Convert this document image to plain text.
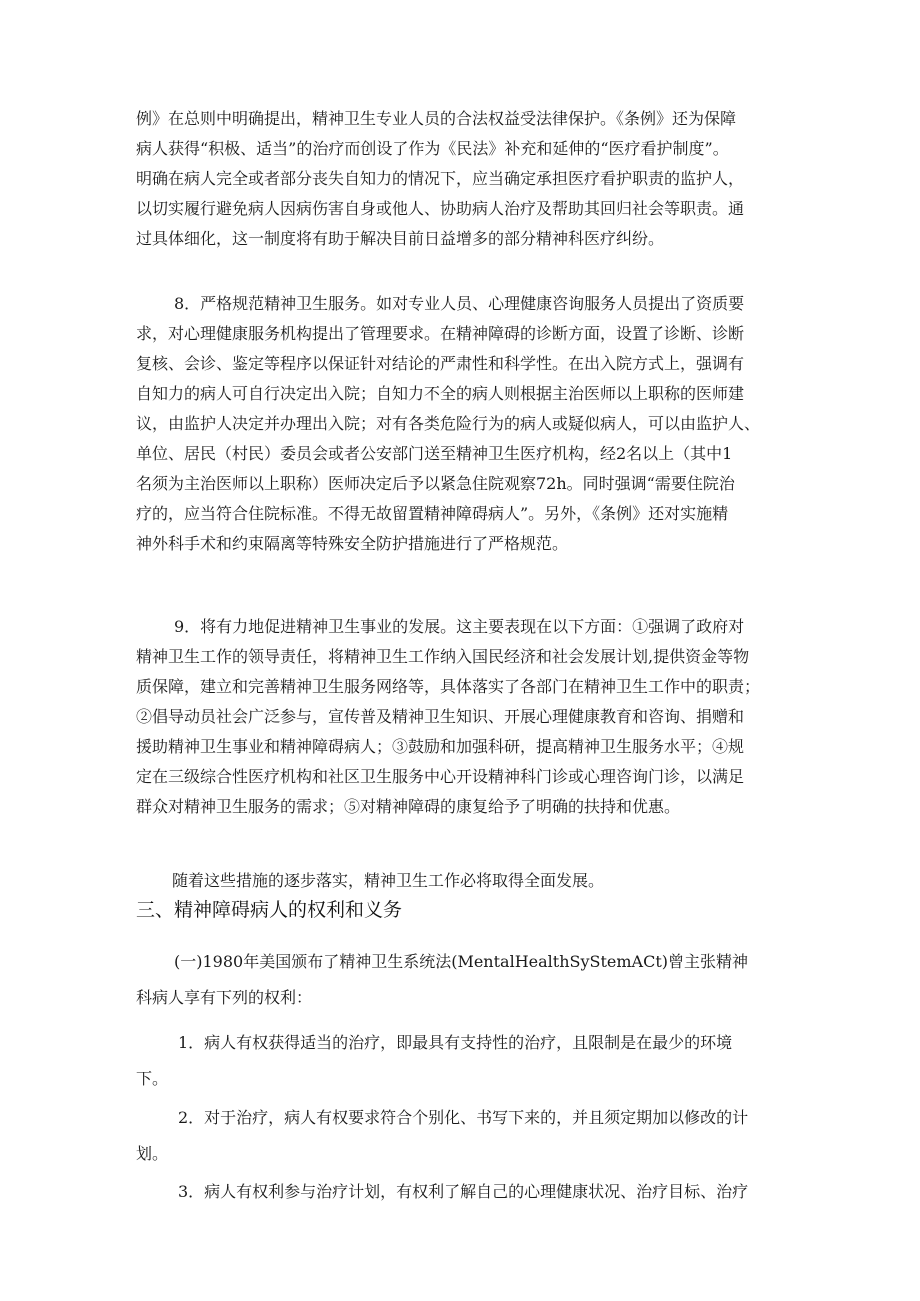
例》在总则中明确提出，精神卫生专业人员的合法权益受法律保护。《条例》还为保障
病人获得“积极、适当”的治疗而创设了作为《民法》补充和延伸的“医疗看护制度”。
明确在病人完全或者部分丧失自知力的情况下，应当确定承担医疗看护职责的监护人，
以切实履行避免病人因病伤害自身或他人、协助病人治疗及帮助其回归社会等职责。通
过具体细化，这一制度将有助于解决目前日益增多的部分精神科医疗纠纷。
8．严格规范精神卫生服务。如对专业人员、心理健康咨询服务人员提出了资质要
求，对心理健康服务机构提出了管理要求。在精神障碍的诊断方面，设置了诊断、诊断
复核、会诊、鉴定等程序以保证针对结论的严肃性和科学性。在出入院方式上，强调有
自知力的病人可自行决定出入院；自知力不全的病人则根据主治医师以上职称的医师建
议，由监护人决定并办理出入院；对有各类危险行为的病人或疑似病人，可以由监护人、
单位、居民（村民）委员会或者公安部门送至精神卫生医疗机构，经2名以上（其中1
名须为主治医师以上职称）医师决定后予以紧急住院观察72h。同时强调“需要住院治
疗的，应当符合住院标准。不得无故留置精神障碍病人”。另外，《条例》还对实施精
神外科手术和约束隔离等特殊安全防护措施进行了严格规范。
9．将有力地促进精神卫生事业的发展。这主要表现在以下方面：①强调了政府对
精神卫生工作的领导责任，将精神卫生工作纳入国民经济和社会发展计划,提供资金等物
质保障，建立和完善精神卫生服务网络等，具体落实了各部门在精神卫生工作中的职责；
②倡导动员社会广泛参与，宣传普及精神卫生知识、开展心理健康教育和咨询、捐赠和
援助精神卫生事业和精神障碍病人；③鼓励和加强科研，提高精神卫生服务水平；④规
定在三级综合性医疗机构和社区卫生服务中心开设精神科门诊或心理咨询门诊，以满足
群众对精神卫生服务的需求；⑤对精神障碍的康复给予了明确的扶持和优惠。
随着这些措施的逐步落实，精神卫生工作必将取得全面发展。
三、精神障碍病人的权利和义务
(一)1980年美国颁布了精神卫生系统法(MentalHealthSyStemACt)曾主张精神
科病人享有下列的权利：
1．病人有权获得适当的治疗，即最具有支持性的治疗，且限制是在最少的环境
下。
2．对于治疗，病人有权要求符合个别化、书写下来的，并且须定期加以修改的计
划。
3．病人有权利参与治疗计划，有权利了解自己的心理健康状况、治疗目标、治疗
